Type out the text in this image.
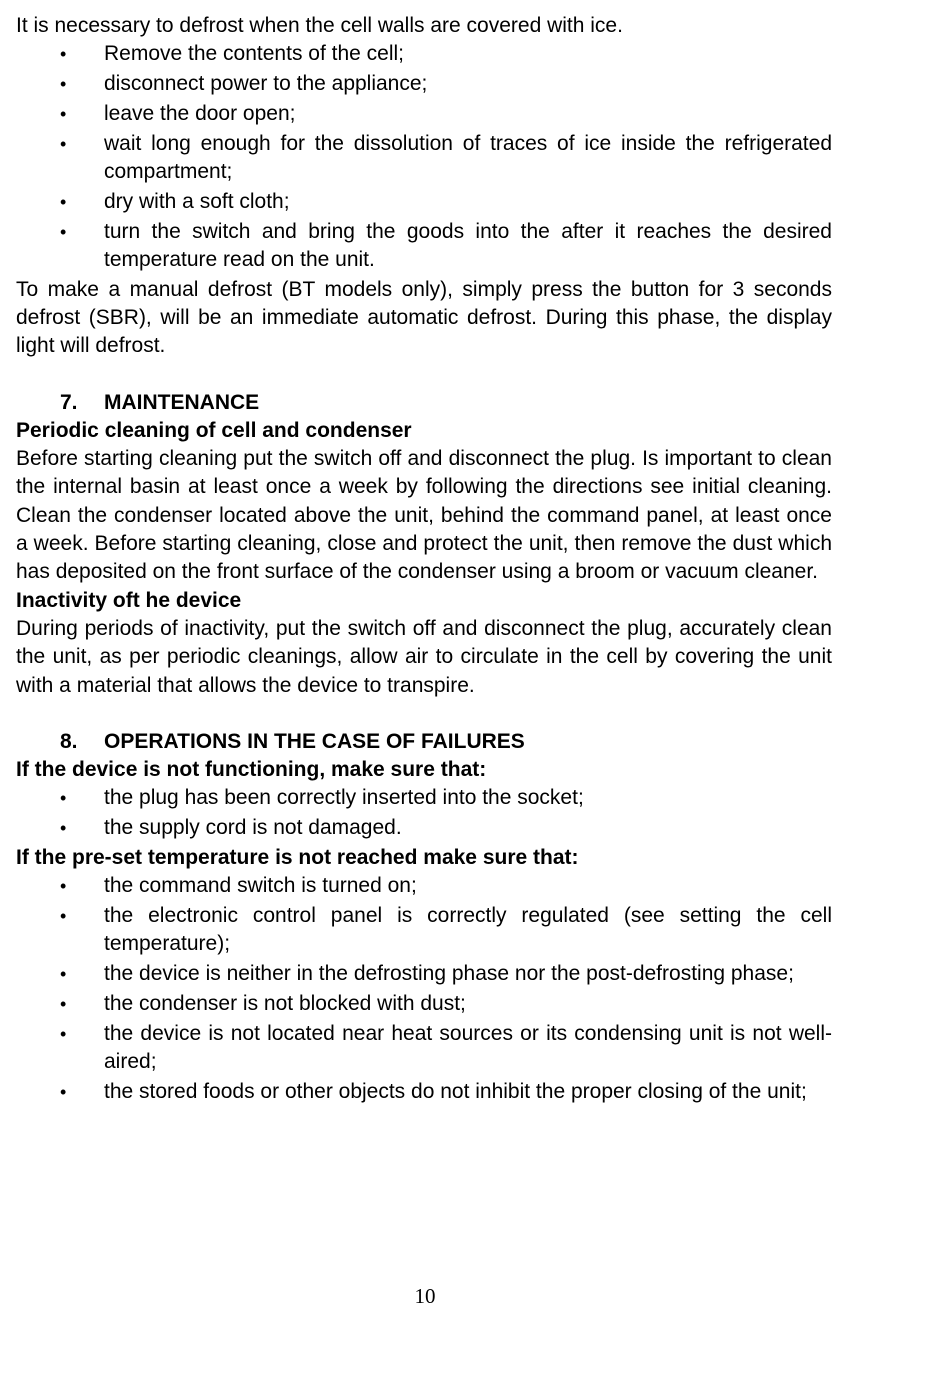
It is necessary to defrost when the cell walls are covered with ice.

• Remove the contents of the cell;
• disconnect power to the appliance;
• leave the door open;
• wait long enough for the dissolution of traces of ice inside the refrigerated compartment;
• dry with a soft cloth;
• turn the switch and bring the goods into the after it reaches the desired temperature read on the unit.

To make a manual defrost (BT models only), simply press the button for 3 seconds defrost (SBR), will be an immediate automatic defrost. During this phase, the display light will defrost.

7. MAINTENANCE

Periodic cleaning of cell and condenser

Before starting cleaning put the switch off and disconnect the plug. Is important to clean the internal basin at least once a week by following the directions see initial cleaning. Clean the condenser located above the unit, behind the command panel, at least once a week. Before starting cleaning, close and protect the unit, then remove the dust which has deposited on the front surface of the condenser using a broom or vacuum cleaner.

Inactivity oft he device

During periods of inactivity, put the switch off and disconnect the plug, accurately clean the unit, as per periodic cleanings, allow air to circulate in the cell by covering the unit with a material that allows the device to transpire.

8. OPERATIONS IN THE CASE OF FAILURES

If the device is not functioning, make sure that:

• the plug has been correctly inserted into the socket;
• the supply cord is not damaged.

If the pre-set temperature is not reached make sure that:

• the command switch is turned on;
• the electronic control panel is correctly regulated (see setting the cell temperature);
• the device is neither in the defrosting phase nor the post-defrosting phase;
• the condenser is not blocked with dust;
• the device is not located near heat sources or its condensing unit is not well-aired;
• the stored foods or other objects do not inhibit the proper closing of the unit;
10
